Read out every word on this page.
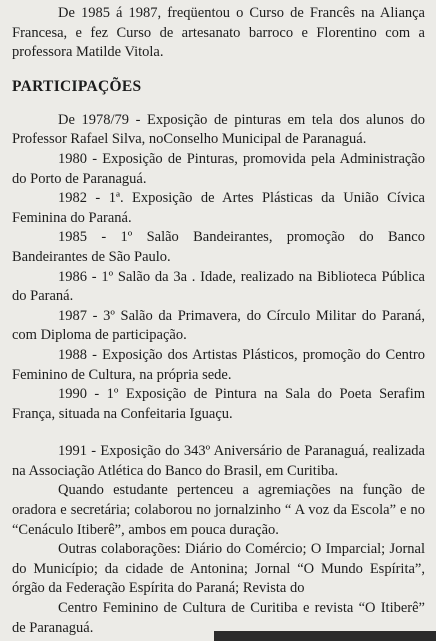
De 1985 á 1987, freqüentou o Curso de Francês na Aliança Francesa, e fez Curso de artesanato barroco e Florentino com a professora Matilde Vitola.

PARTICIPAÇÕES

De 1978/79 - Exposição de pinturas em tela dos alunos do Professor Rafael Silva, noConselho Municipal de Paranaguá.

1980 - Exposição de Pinturas, promovida pela Administração do Porto de Paranaguá.

1982 - 1ª. Exposição de Artes Plásticas da União Cívica Feminina do Paraná.

1985 - 1º Salão Bandeirantes, promoção do Banco Bandeirantes de São Paulo.

1986 - 1º Salão da 3a . Idade, realizado na Biblioteca Pública do Paraná.

1987 - 3º Salão da Primavera, do Círculo Militar do Paraná, com Diploma de participação.

1988 - Exposição dos Artistas Plásticos, promoção do Centro Feminino de Cultura, na própria sede.

1990 - 1º Exposição de Pintura na Sala do Poeta Serafim França, situada na Confeitaria Iguaçu.

1991 - Exposição do 343º Aniversário de Paranaguá, realizada na Associação Atlética do Banco do Brasil, em Curitiba.

Quando estudante pertenceu a agremiações na função de oradora e secretária; colaborou no jornalzinho “ A voz da Escola” e no “Cenáculo Itiberê”, ambos em pouca duração.

Outras colaborações: Diário do Comércio; O Imparcial; Jornal do Município; da cidade de Antonina; Jornal “O Mundo Espírita”, órgão da Federação Espírita do Paraná; Revista do

Centro Feminino de Cultura de Curitiba e revista “O Itiberê” de Paranaguá.
